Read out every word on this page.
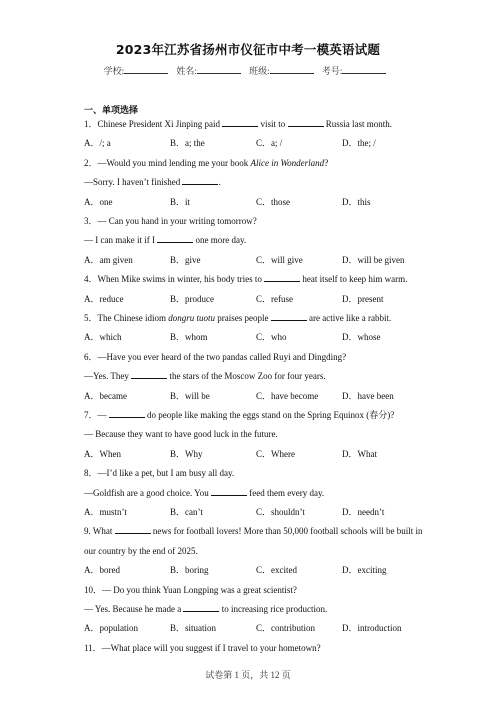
2023年江苏省扬州市仪征市中考一模英语试题
学校:	姓名:	班级:	考号:
一、单项选择
1．Chinese President Xi Jinping paid	visit to	Russia last month.
A．/; a	B．a; the	C．a; /	D．the; /
2．—Would you mind lending me your book Alice in Wonderland?
—Sorry. I haven’t finished	.
A．one	B．it	C．those	D．this
3．— Can you hand in your writing tomorrow?
— I can make it if I	one more day.
A．am given	B．give	C．will give	D．will be given
4．When Mike swims in winter, his body tries to	heat itself to keep him warm.
A．reduce	B．produce	C．refuse	D．present
5．The Chinese idiom dongru tuotu praises people	are active like a rabbit.
A．which	B．whom	C．who	D．whose
6．—Have you ever heard of the two pandas called Ruyi and Dingding?
—Yes. They	the stars of the Moscow Zoo for four years.
A．became	B．will be	C．have become	D．have been
7．—	do people like making the eggs stand on the Spring Equinox (春分)?
— Because they want to have good luck in the future.
A．When	B．Why	C．Where	D．What
8．—I’d like a pet, but I am busy all day.
—Goldfish are a good choice. You	feed them every day.
A．mustn’t	B．can’t	C．shouldn’t	D．needn’t
9. What	news for football lovers! More than 50,000 football schools will be built in
our country by the end of 2025.
A．bored	B．boring	C．excited	D．exciting
10．— Do you think Yuan Longping was a great scientist?
— Yes. Because he made a	to increasing rice production.
A．population	B．situation	C．contribution	D．introduction
11．—What place will you suggest if I travel to your hometown?
试卷第 1 页，共 12 页
